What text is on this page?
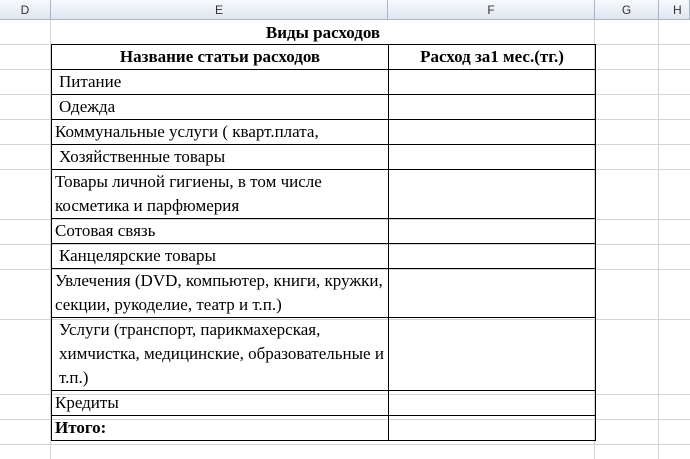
D	E	F	G	H
Виды расходов
Название статьи расходов	Расход за1 мес.(тг.)
Питание	
Одежда	
Коммунальные услуги ( кварт.плата,	
Хозяйственные товары	
Товары личной гигиены, в том числе косметика и парфюмерия	
Сотовая связь	
Канцелярские товары	
Увлечения (DVD, компьютер, книги, кружки, секции, рукоделие, театр и т.п.)	
Услуги (транспорт, парикмахерская, химчистка, медицинские, образовательные и т.п.)	
Кредиты	
Итого:	
